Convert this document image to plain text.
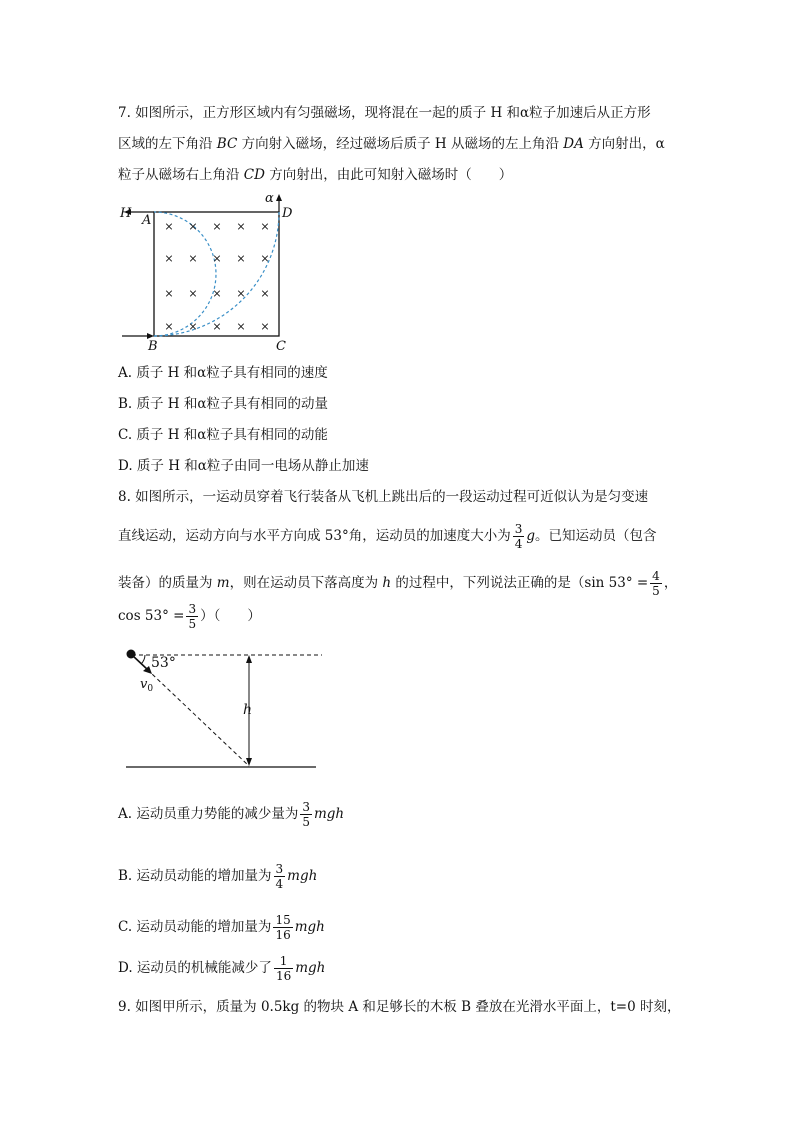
7. 如图所示，正方形区域内有匀强磁场，现将混在一起的质子 H 和α粒子加速后从正方形
区域的左下角沿 BC 方向射入磁场，经过磁场后质子 H 从磁场的左上角沿 DA 方向射出，α
粒子从磁场右上角沿 CD 方向射出，由此可知射入磁场时（　　）
× × × × ×
× × × × ×
× × × × ×
× × × × ×
H A
α
D
B	C
A. 质子 H 和α粒子具有相同的速度
B. 质子 H 和α粒子具有相同的动量
C. 质子 H 和α粒子具有相同的动能
D. 质子 H 和α粒子由同一电场从静止加速
8. 如图所示，一运动员穿着飞行装备从飞机上跳出后的一段运动过程可近似认为是匀变速
直线运动，运动方向与水平方向成 53°角，运动员的加速度大小为 $\frac{3}{4}$ g。已知运动员（包含
装备）的质量为 m，则在运动员下落高度为 h 的过程中，下列说法正确的是（sin $53^\circ = \frac{4}{5}$ ，
$\cos 53^\circ = \frac{3}{5}$ ）（　　）
53°
$v_0$
h
A. 运动员重力势能的减少量为 $\frac{3}{5}$ mgh
B. 运动员动能的增加量为 $\frac{3}{4}$ mgh
C. 运动员动能的增加量为 $\frac{15}{16}$ mgh
D. 运动员的机械能减少了 $\frac{1}{16}$ mgh
9. 如图甲所示，质量为 0.5kg 的物块 A 和足够长的木板 B 叠放在光滑水平面上，t=0 时刻，
